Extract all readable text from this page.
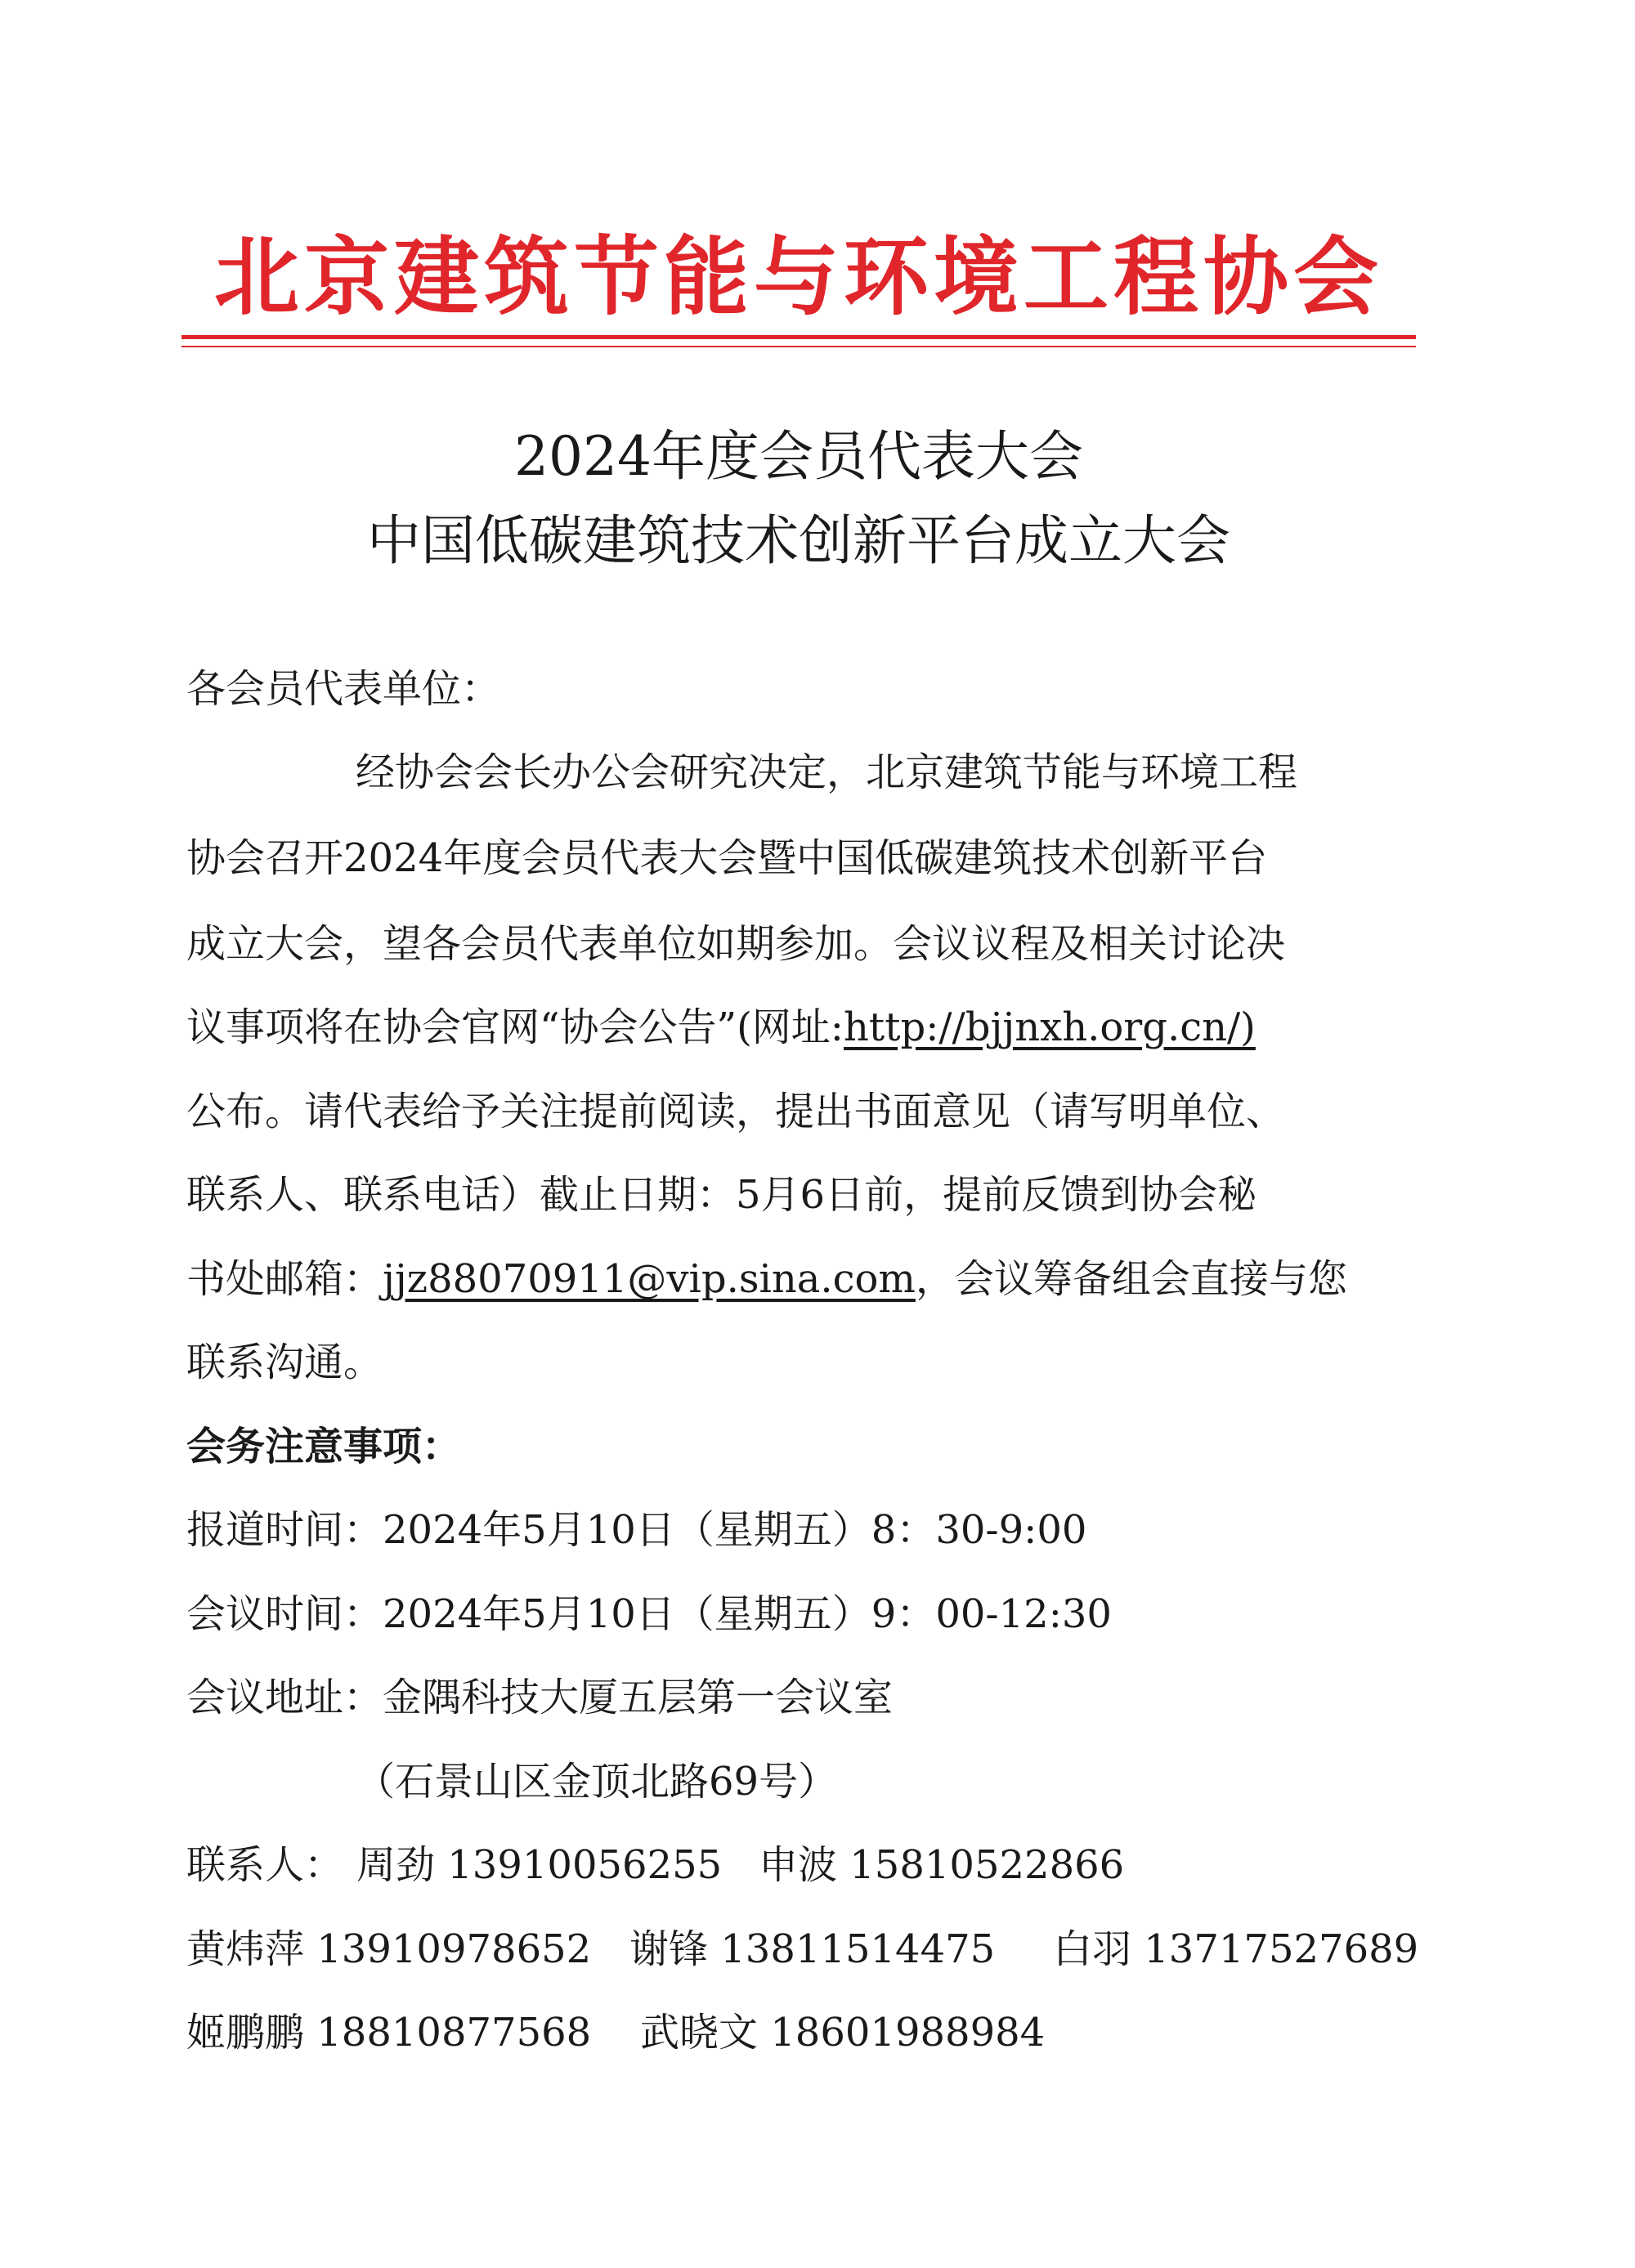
北京建筑节能与环境工程协会
2024年度会员代表大会
中国低碳建筑技术创新平台成立大会
各会员代表单位：
经协会会长办公会研究决定，北京建筑节能与环境工程
协会召开2024年度会员代表大会暨中国低碳建筑技术创新平台
成立大会，望各会员代表单位如期参加。会议议程及相关讨论决
议事项将在协会官网“协会公告”(网址:http://bjjnxh.org.cn/)
公布。请代表给予关注提前阅读，提出书面意见（请写明单位、
联系人、联系电话）截止日期：5月6日前，提前反馈到协会秘
书处邮箱：jjz88070911@vip.sina.com，会议筹备组会直接与您
联系沟通。
会务注意事项：
报道时间：2024年5月10日（星期五）8：30-9:00
会议时间：2024年5月10日（星期五）9：00-12:30
会议地址：金隅科技大厦五层第一会议室
（石景山区金顶北路69号）
联系人： 周劲 13910056255 申波 15810522866
黄炜萍 13910978652 谢锋 13811514475 白羽 13717527689
姬鹏鹏 18810877568 武晓文 18601988984
